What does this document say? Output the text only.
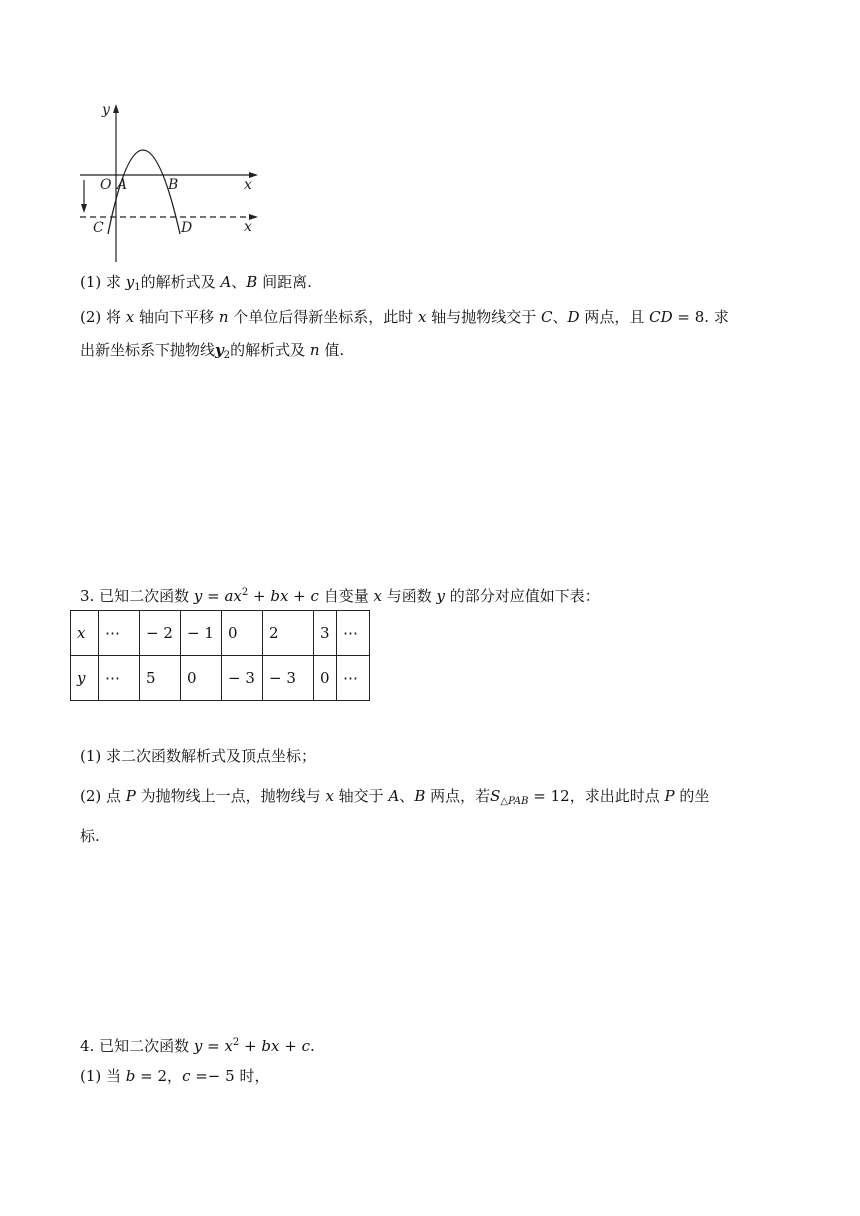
y
x
x
O A	B
C	D
(1) 求 $y_1$的解析式及 A、B 间距离.
(2) 将 x 轴向下平移 n 个单位后得新坐标系，此时 x 轴与抛物线交于 C、D 两点，且 CD = 8. 求
出新坐标系下抛物线$y_2$的解析式及 n 值.
3. 已知二次函数 $y = ax^2$ + bx + c 自变量 x 与函数 y 的部分对应值如下表：
x	⋯	− 2	− 1	0	2	3	⋯
y	⋯	5	0	− 3	− 3	0	⋯
(1) 求二次函数解析式及顶点坐标；
(2) 点 P 为抛物线上一点，抛物线与 x 轴交于 A、B 两点，若$S_{\triangle PAB} = 12$，求出此时点 P 的坐
标.
4. 已知二次函数 $y = x^2$ + bx + c.
(1) 当 b = 2，c =− 5 时，
